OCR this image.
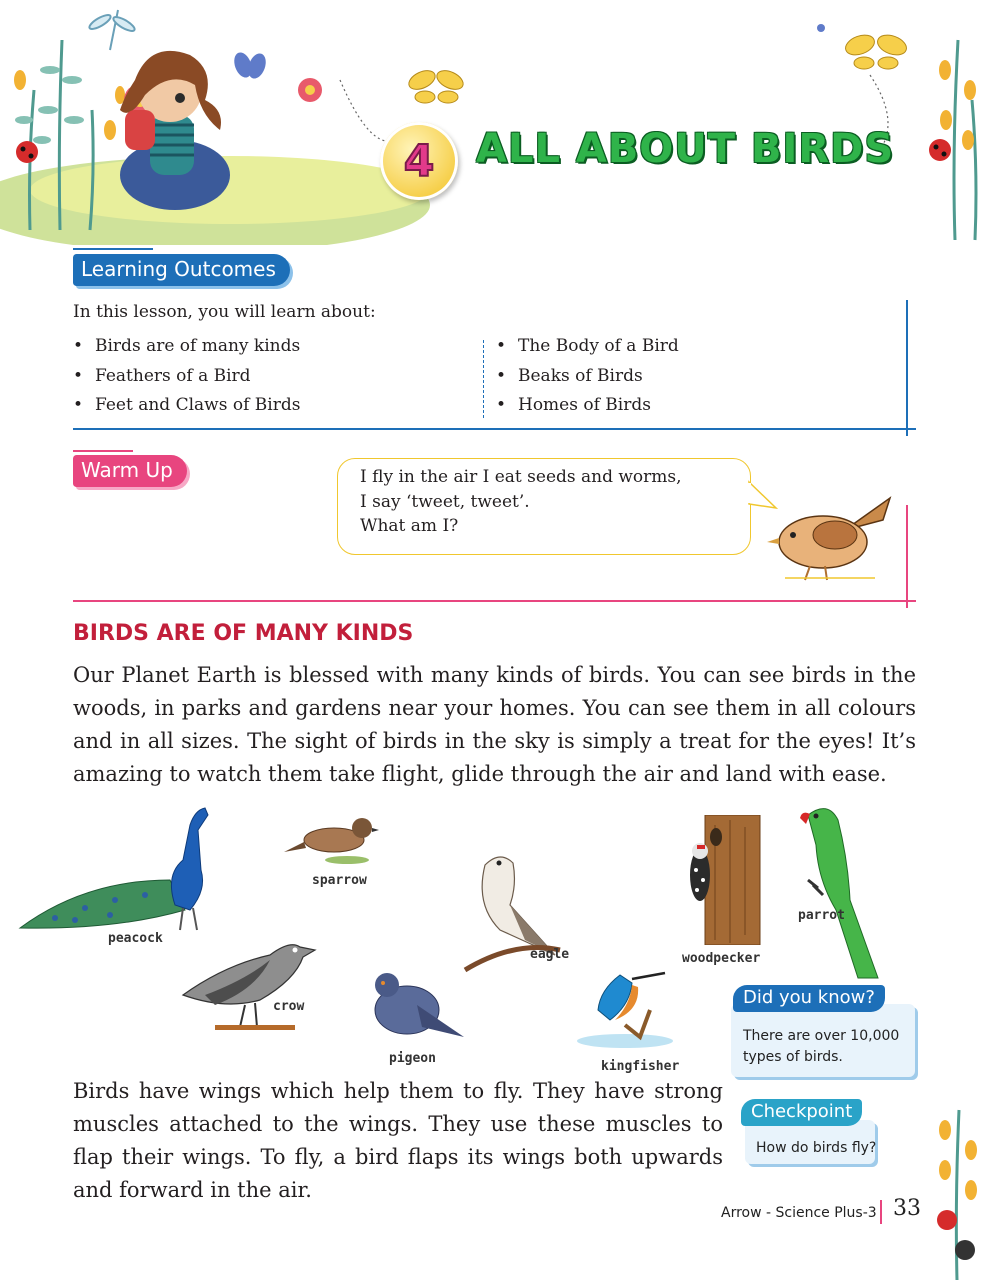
4 ALL ABOUT BIRDS
Learning Outcomes
In this lesson, you will learn about:
• Birds are of many kinds
• Feathers of a Bird
• Feet and Claws of Birds
• The Body of a Bird
• Beaks of Birds
• Homes of Birds
Warm Up	I fly in the air I eat seeds and worms,
I say ‘tweet, tweet’.
What am I?
BIRDS ARE OF MANY KINDS
Our Planet Earth is blessed with many kinds of birds. You can see birds in the woods, in parks and gardens near your homes. You can see them in all colours and in all sizes. The sight of birds in the sky is simply a treat for the eyes! It’s amazing to watch them take flight, glide through the air and land with ease.
peacock
sparrow
eagle	woodpecker
parrot
crow
pigeon
kingfisher
There are over 10,000 types of birds.
Did you know?
How do birds fly?
Checkpoint
Birds have wings which help them to fly. They have strong muscles attached to the wings. They use these muscles to flap their wings. To fly, a bird flaps its wings both upwards and forward in the air.
Arrow - Science Plus-3 33
